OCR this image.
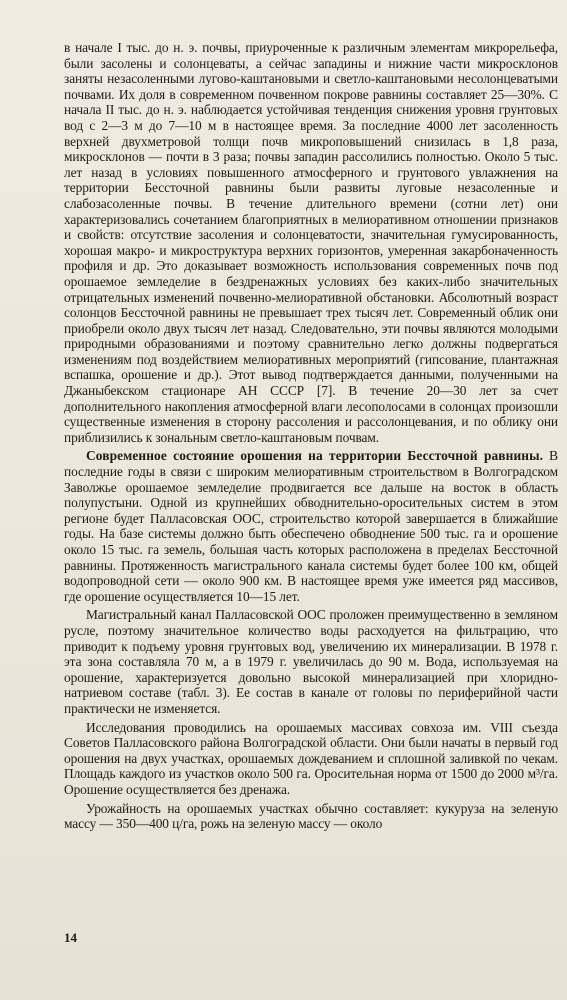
в начале I тыс. до н. э. почвы, приуроченные к различным элементам микрорельефа, были засолены и солонцеваты, а сейчас западины и нижние части микросклонов заняты незасоленными лугово-каштановыми и светло-каштановыми несолонцеватыми почвами. Их доля в современном почвенном покрове равнины составляет 25—30%. С начала II тыс. до н. э. наблюдается устойчивая тенденция снижения уровня грунтовых вод с 2—3 м до 7—10 м в настоящее время. За последние 4000 лет засоленность верхней двухметровой толщи почв микроповышений снизилась в 1,8 раза, микросклонов — почти в 3 раза; почвы западин рассолились полностью. Около 5 тыс. лет назад в условиях повышенного атмосферного и грунтового увлажнения на территории Бессточной равнины были развиты луговые незасоленные и слабозасоленные почвы. В течение длительного времени (сотни лет) они характеризовались сочетанием благоприятных в мелиоративном отношении признаков и свойств: отсутствие засоления и солонцеватости, значительная гумусированность, хорошая макро- и микроструктура верхних горизонтов, умеренная закарбоначенность профиля и др. Это доказывает возможность использования современных почв под орошаемое земледелие в бездренажных условиях без каких-либо значительных отрицательных изменений почвенно-мелиоративной обстановки. Абсолютный возраст солонцов Бессточной равнины не превышает трех тысяч лет. Современный облик они приобрели около двух тысяч лет назад. Следовательно, эти почвы являются молодыми природными образованиями и поэтому сравнительно легко должны подвергаться изменениям под воздействием мелиоративных мероприятий (гипсование, плантажная вспашка, орошение и др.). Этот вывод подтверждается данными, полученными на Джаныбекском стационаре АН СССР [7]. В течение 20—30 лет за счет дополнительного накопления атмосферной влаги лесополосами в солонцах произошли существенные изменения в сторону рассоления и рассолонцевания, и по облику они приблизились к зональным светло-каштановым почвам.

Современное состояние орошения на территории Бессточной равнины. В последние годы в связи с широким мелиоративным строительством в Волгоградском Заволжье орошаемое земледелие продвигается все дальше на восток в область полупустыни. Одной из крупнейших обводнительно-оросительных систем в этом регионе будет Палласовская ООС, строительство которой завершается в ближайшие годы. На базе системы должно быть обеспечено обводнение 500 тыс. га и орошение около 15 тыс. га земель, большая часть которых расположена в пределах Бессточной равнины. Протяженность магистрального канала системы будет более 100 км, общей водопроводной сети — около 900 км. В настоящее время уже имеется ряд массивов, где орошение осуществляется 10—15 лет.

Магистральный канал Палласовской ООС проложен преимущественно в земляном русле, поэтому значительное количество воды расходуется на фильтрацию, что приводит к подъему уровня грунтовых вод, увеличению их минерализации. В 1978 г. эта зона составляла 70 м, а в 1979 г. увеличилась до 90 м. Вода, используемая на орошение, характеризуется довольно высокой минерализацией при хлоридно-натриевом составе (табл. 3). Ее состав в канале от головы по периферийной части практически не изменяется.

Исследования проводились на орошаемых массивах совхоза им. VIII съезда Советов Палласовского района Волгоградской области. Они были начаты в первый год орошения на двух участках, орошаемых дождеванием и сплошной заливкой по чекам. Площадь каждого из участков около 500 га. Оросительная норма от 1500 до 2000 м³/га. Орошение осуществляется без дренажа.

Урожайность на орошаемых участках обычно составляет: кукуруза на зеленую массу — 350—400 ц/га, рожь на зеленую массу — около

14
